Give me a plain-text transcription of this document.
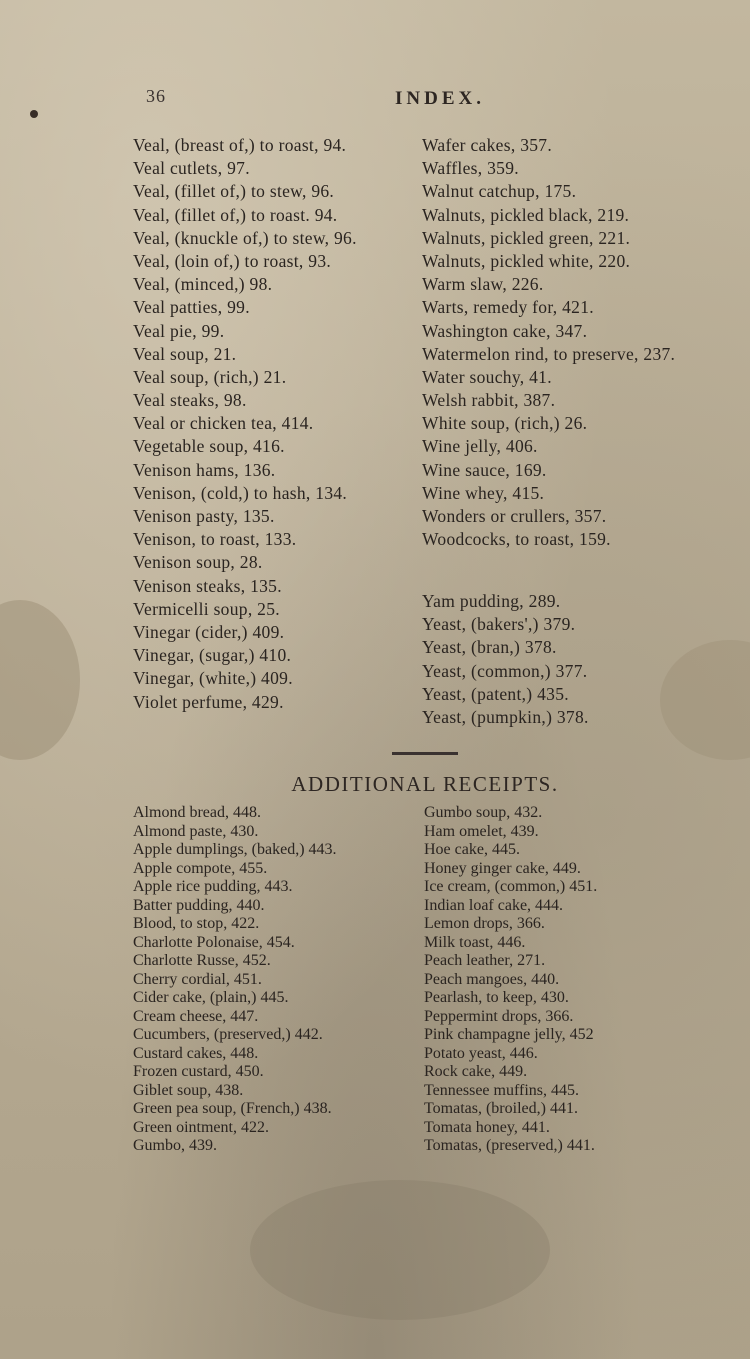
36	INDEX.
Veal, (breast of,) to roast, 94.
Veal cutlets, 97.
Veal, (fillet of,) to stew, 96.
Veal, (fillet of,) to roast. 94.
Veal, (knuckle of,) to stew, 96.
Veal, (loin of,) to roast, 93.
Veal, (minced,) 98.
Veal patties, 99.
Veal pie, 99.
Veal soup, 21.
Veal soup, (rich,) 21.
Veal steaks, 98.
Veal or chicken tea, 414.
Vegetable soup, 416.
Venison hams, 136.
Venison, (cold,) to hash, 134.
Venison pasty, 135.
Venison, to roast, 133.
Venison soup, 28.
Venison steaks, 135.
Vermicelli soup, 25.
Vinegar (cider,) 409.
Vinegar, (sugar,) 410.
Vinegar, (white,) 409.
Violet perfume, 429.
Wafer cakes, 357.
Waffles, 359.
Walnut catchup, 175.
Walnuts, pickled black, 219.
Walnuts, pickled green, 221.
Walnuts, pickled white, 220.
Warm slaw, 226.
Warts, remedy for, 421.
Washington cake, 347.
Watermelon rind, to preserve, 237.
Water souchy, 41.
Welsh rabbit, 387.
White soup, (rich,) 26.
Wine jelly, 406.
Wine sauce, 169.
Wine whey, 415.
Wonders or crullers, 357.
Woodcocks, to roast, 159.
Yam pudding, 289.
Yeast, (bakers',) 379.
Yeast, (bran,) 378.
Yeast, (common,) 377.
Yeast, (patent,) 435.
Yeast, (pumpkin,) 378.
ADDITIONAL RECEIPTS.
Almond bread, 448.
Almond paste, 430.
Apple dumplings, (baked,) 443.
Apple compote, 455.
Apple rice pudding, 443.
Batter pudding, 440.
Blood, to stop, 422.
Charlotte Polonaise, 454.
Charlotte Russe, 452.
Cherry cordial, 451.
Cider cake, (plain,) 445.
Cream cheese, 447.
Cucumbers, (preserved,) 442.
Custard cakes, 448.
Frozen custard, 450.
Giblet soup, 438.
Green pea soup, (French,) 438.
Green ointment, 422.
Gumbo, 439.
Gumbo soup, 432.
Ham omelet, 439.
Hoe cake, 445.
Honey ginger cake, 449.
Ice cream, (common,) 451.
Indian loaf cake, 444.
Lemon drops, 366.
Milk toast, 446.
Peach leather, 271.
Peach mangoes, 440.
Pearlash, to keep, 430.
Peppermint drops, 366.
Pink champagne jelly, 452
Potato yeast, 446.
Rock cake, 449.
Tennessee muffins, 445.
Tomatas, (broiled,) 441.
Tomata honey, 441.
Tomatas, (preserved,) 441.
